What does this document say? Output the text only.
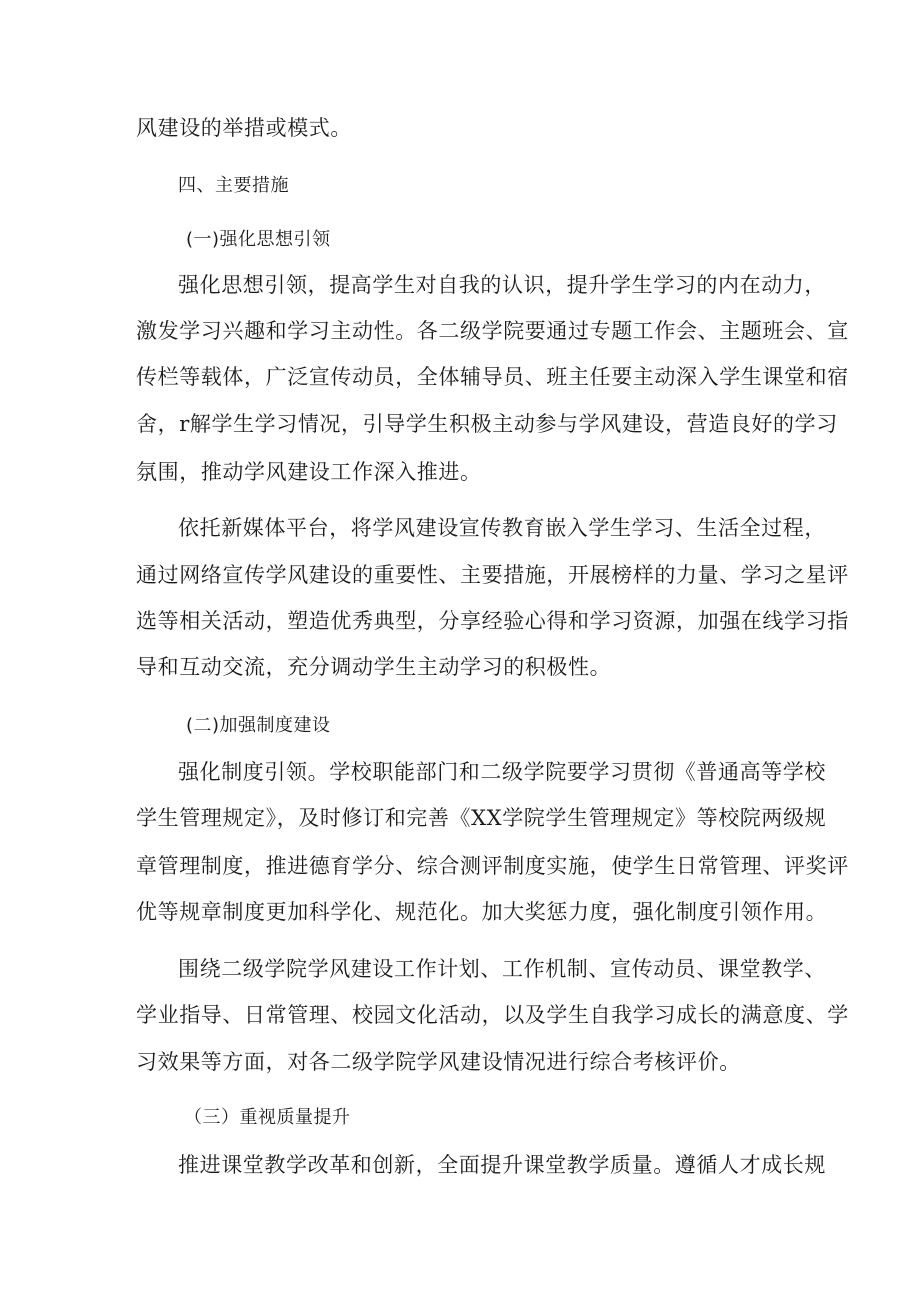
风建设的举措或模式。
四、主要措施
(一)强化思想引领
强化思想引领，提高学生对自我的认识，提升学生学习的内在动力，
激发学习兴趣和学习主动性。各二级学院要通过专题工作会、主题班会、宣
传栏等载体，广泛宣传动员，全体辅导员、班主任要主动深入学生课堂和宿
舍，r解学生学习情况，引导学生积极主动参与学风建设，营造良好的学习
氛围，推动学风建设工作深入推进。
依托新媒体平台，将学风建设宣传教育嵌入学生学习、生活全过程，
通过网络宣传学风建设的重要性、主要措施，开展榜样的力量、学习之星评
选等相关活动，塑造优秀典型，分享经验心得和学习资源，加强在线学习指
导和互动交流，充分调动学生主动学习的积极性。
(二)加强制度建设
强化制度引领。学校职能部门和二级学院要学习贯彻《普通高等学校
学生管理规定》，及时修订和完善《XX学院学生管理规定》等校院两级规
章管理制度，推进德育学分、综合测评制度实施，使学生日常管理、评奖评
优等规章制度更加科学化、规范化。加大奖惩力度，强化制度引领作用。
围绕二级学院学风建设工作计划、工作机制、宣传动员、课堂教学、
学业指导、日常管理、校园文化活动，以及学生自我学习成长的满意度、学
习效果等方面，对各二级学院学风建设情况进行综合考核评价。
（三）重视质量提升
推进课堂教学改革和创新，全面提升课堂教学质量。遵循人才成长规
